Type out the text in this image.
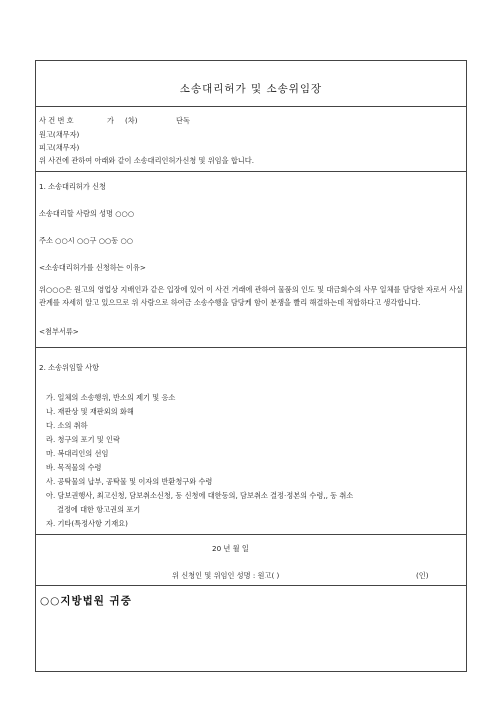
소송대리허가 및 소송위임장
사 건 번 호	가 (차)	단독
원고(채무자)
피고(채무자)
위 사건에 관하여 아래와 같이 소송대리인허가신청 및 위임을 합니다.
1. 소송대리허가 신청
소송대리할 사람의 성명 ○○○
주소 ○○시 ○○구 ○○동 ○○
<소송대리허가를 신청하는 이유>
위○○○은 원고의 영업상 지배인과 같은 입장에 있어 이 사건 거래에 관하여 물품의 인도 및 대금회수의 사무 일체를 담당한 자로서 사실관계를 자세히 알고 있으므로 위 사람으로 하여금 소송수행을 담당케 함이 분쟁을 빨리 해결하는데 적합하다고 생각합니다.
<첨부서류>
2. 소송위임할 사항
가. 일체의 소송행위, 반소의 제기 및 응소
나. 재판상 및 재판외의 화해
다. 소의 취하
라. 청구의 포기 및 인락
마. 복대리인의 선임
바. 목적물의 수령
사. 공탁물의 납부, 공탁물 및 이자의 반환청구와 수령
아. 담보권행사, 최고신청, 담보취소신청, 동 신청에 대한동의, 담보취소 결정·정본의 수령,, 동 취소
결정에 대한 항고권의 포기
자. 기타(특정사항 기재요)
20 년 월 일
위 신청인 및 위임인 성명 : 원고( )	(인)
○○지방법원 귀중
